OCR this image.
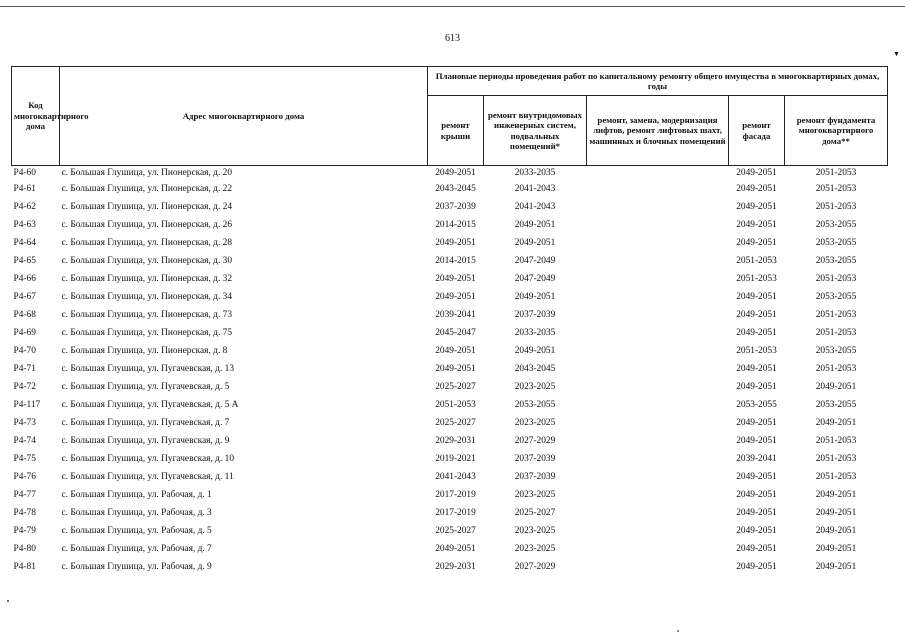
613
▼
Код многоквартирного дома	Адрес многоквартирного дома	Плановые периоды проведения работ по капитальному ремонту общего имущества в многоквартирных домах, годы				
		ремонт крыши	ремонт внутридомовых инженерных систем, подвальных помещений*	ремонт, замена, модернизация лифтов, ремонт лифтовых шахт, машинных и блочных помещений	ремонт фасада	ремонт фундамента многоквартирного дома**
Р4-60	с. Большая Глушица, ул. Пионерская, д. 20	2049-2051	2033-2035		2049-2051	2051-2053
Р4-61	с. Большая Глушица, ул. Пионерская, д. 22	2043-2045	2041-2043		2049-2051	2051-2053
Р4-62	с. Большая Глушица, ул. Пионерская, д. 24	2037-2039	2041-2043		2049-2051	2051-2053
Р4-63	с. Большая Глушица, ул. Пионерская, д. 26	2014-2015	2049-2051		2049-2051	2053-2055
Р4-64	с. Большая Глушица, ул. Пионерская, д. 28	2049-2051	2049-2051		2049-2051	2053-2055
Р4-65	с. Большая Глушица, ул. Пионерская, д. 30	2014-2015	2047-2049		2051-2053	2053-2055
Р4-66	с. Большая Глушица, ул. Пионерская, д. 32	2049-2051	2047-2049		2051-2053	2051-2053
Р4-67	с. Большая Глушица, ул. Пионерская, д. 34	2049-2051	2049-2051		2049-2051	2053-2055
Р4-68	с. Большая Глушица, ул. Пионерская, д. 73	2039-2041	2037-2039		2049-2051	2051-2053
Р4-69	с. Большая Глушица, ул. Пионерская, д. 75	2045-2047	2033-2035		2049-2051	2051-2053
Р4-70	с. Большая Глушица, ул. Пионерская, д. 8	2049-2051	2049-2051		2051-2053	2053-2055
Р4-71	с. Большая Глушица, ул. Пугачевская, д. 13	2049-2051	2043-2045		2049-2051	2051-2053
Р4-72	с. Большая Глушица, ул. Пугачевская, д. 5	2025-2027	2023-2025		2049-2051	2049-2051
Р4-117	с. Большая Глушица, ул. Пугачевская, д. 5 А	2051-2053	2053-2055		2053-2055	2053-2055
Р4-73	с. Большая Глушица, ул. Пугачевская, д. 7	2025-2027	2023-2025		2049-2051	2049-2051
Р4-74	с. Большая Глушица, ул. Пугачевская, д. 9	2029-2031	2027-2029		2049-2051	2051-2053
Р4-75	с. Большая Глушица, ул. Пугачевская, д. 10	2019-2021	2037-2039		2039-2041	2051-2053
Р4-76	с. Большая Глушица, ул. Пугачевская, д. 11	2041-2043	2037-2039		2049-2051	2051-2053
Р4-77	с. Большая Глушица, ул. Рабочая, д. 1	2017-2019	2023-2025		2049-2051	2049-2051
Р4-78	с. Большая Глушица, ул. Рабочая, д. 3	2017-2019	2025-2027		2049-2051	2049-2051
Р4-79	с. Большая Глушица, ул. Рабочая, д. 5	2025-2027	2023-2025		2049-2051	2049-2051
Р4-80	с. Большая Глушица, ул. Рабочая, д. 7	2049-2051	2023-2025		2049-2051	2049-2051
Р4-81	с. Большая Глушица, ул. Рабочая, д. 9	2029-2031	2027-2029		2049-2051	2049-2051
